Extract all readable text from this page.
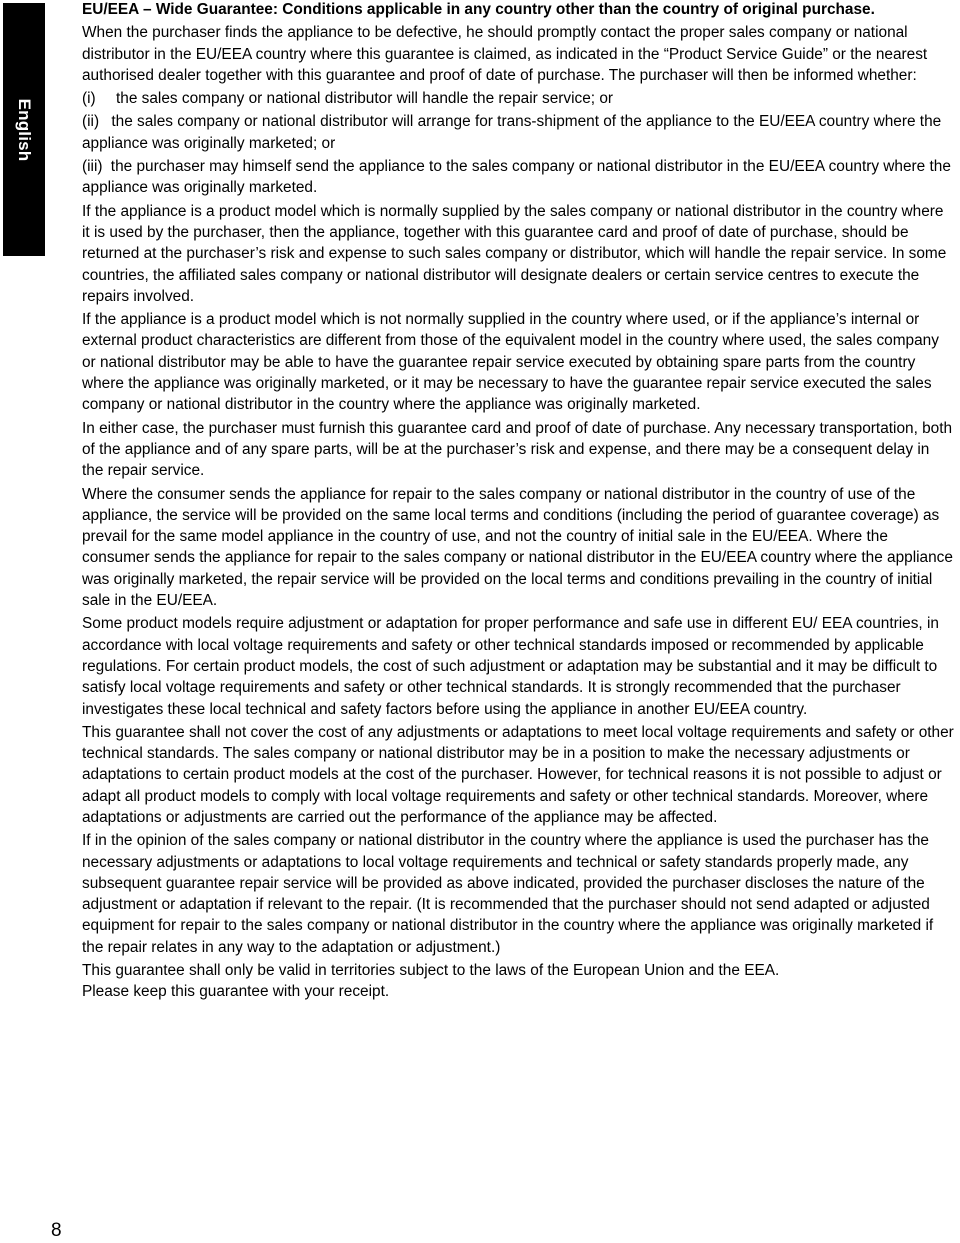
English

EU/EEA – Wide Guarantee: Conditions applicable in any country other than the country of original purchase.

When the purchaser finds the appliance to be defective, he should promptly contact the proper sales company or national distributor in the EU/EEA country where this guarantee is claimed, as indicated in the “Product Service Guide” or the nearest authorised dealer together with this guarantee and proof of date of purchase. The purchaser will then be informed whether:

(i)	the sales company or national distributor will handle the repair service; or

(ii) the sales company or national distributor will arrange for trans-shipment of the appliance to the EU/EEA country where the appliance was originally marketed; or

(iii) the purchaser may himself send the appliance to the sales company or national distributor in the EU/EEA country where the appliance was originally marketed.

If the appliance is a product model which is normally supplied by the sales company or national distributor in the country where it is used by the purchaser, then the appliance, together with this guarantee card and proof of date of purchase, should be returned at the purchaser’s risk and expense to such sales company or distributor, which will handle the repair service. In some countries, the affiliated sales company or national distributor will designate dealers or certain service centres to execute the repairs involved.

If the appliance is a product model which is not normally supplied in the country where used, or if the appliance’s internal or external product characteristics are different from those of the equivalent model in the country where used, the sales company or national distributor may be able to have the guarantee repair service executed by obtaining spare parts from the country where the appliance was originally marketed, or it may be necessary to have the guarantee repair service executed the sales company or national distributor in the country where the appliance was originally marketed.

In either case, the purchaser must furnish this guarantee card and proof of date of purchase. Any necessary transportation, both of the appliance and of any spare parts, will be at the purchaser’s risk and expense, and there may be a consequent delay in the repair service.

Where the consumer sends the appliance for repair to the sales company or national distributor in the country of use of the appliance, the service will be provided on the same local terms and conditions (including the period of guarantee coverage) as prevail for the same model appliance in the country of use, and not the country of initial sale in the EU/EEA. Where the consumer sends the appliance for repair to the sales company or national distributor in the EU/EEA country where the appliance was originally marketed, the repair service will be provided on the local terms and conditions prevailing in the country of initial sale in the EU/EEA.

Some product models require adjustment or adaptation for proper performance and safe use in different EU/ EEA countries, in accordance with local voltage requirements and safety or other technical standards imposed or recommended by applicable regulations. For certain product models, the cost of such adjustment or adaptation may be substantial and it may be difficult to satisfy local voltage requirements and safety or other technical standards. It is strongly recommended that the purchaser investigates these local technical and safety factors before using the appliance in another EU/EEA country.

This guarantee shall not cover the cost of any adjustments or adaptations to meet local voltage requirements and safety or other technical standards. The sales company or national distributor may be in a position to make the necessary adjustments or adaptations to certain product models at the cost of the purchaser. However, for technical reasons it is not possible to adjust or adapt all product models to comply with local voltage requirements and safety or other technical standards. Moreover, where adaptations or adjustments are carried out the performance of the appliance may be affected.

If in the opinion of the sales company or national distributor in the country where the appliance is used the purchaser has the necessary adjustments or adaptations to local voltage requirements and technical or safety standards properly made, any subsequent guarantee repair service will be provided as above indicated, provided the purchaser discloses the nature of the adjustment or adaptation if relevant to the repair. (It is recommended that the purchaser should not send adapted or adjusted equipment for repair to the sales company or national distributor in the country where the appliance was originally marketed if the repair relates in any way to the adaptation or adjustment.)

This guarantee shall only be valid in territories subject to the laws of the European Union and the EEA.

Please keep this guarantee with your receipt.

8
